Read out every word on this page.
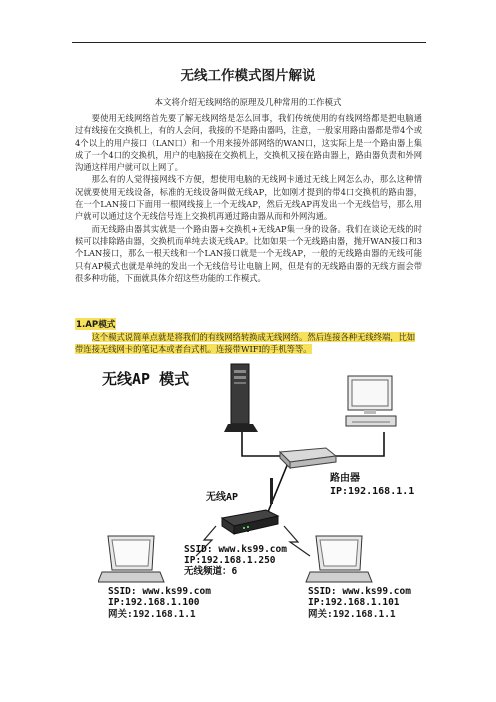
无线工作模式图片解说
本文将介绍无线网络的原理及几种常用的工作模式

要使用无线网络首先要了解无线网络是怎么回事，我们传统使用的有线网络都是把电脑通过有线接在交换机上，有的人会问，我接的不是路由器吗，注意，一般家用路由器都是带4个或4个以上的用户接口（LAN口）和一个用来接外部网络的WAN口，这实际上是一个路由器上集成了一个4口的交换机，用户的电脑接在交换机上，交换机又接在路由器上，路由器负责和外网沟通这样用户就可以上网了。

那么有的人觉得接网线不方便，想使用电脑的无线网卡通过无线上网怎么办，那么这种情况就要使用无线设备，标准的无线设备叫做无线AP，比如刚才提到的带4口交换机的路由器，在一个LAN接口下面用一根网线接上一个无线AP，然后无线AP再发出一个无线信号，那么用户就可以通过这个无线信号连上交换机再通过路由器从而和外网沟通。

而无线路由器其实就是一个路由器+交换机+无线AP集一身的设备。我们在谈论无线的时候可以排除路由器，交换机而单纯去谈无线AP。比如如果一个无线路由器，抛开WAN接口和3个LAN接口，那么一根天线和一个LAN接口就是一个无线AP，一般的无线路由器的无线可能只有AP模式也就是单纯的发出一个无线信号让电脑上网，但是有的无线路由器的无线方面会带很多种功能，下面就具体介绍这些功能的工作模式。

1.AP模式

这个模式说简单点就是将我们的有线网络转换成无线网络。然后连接各种无线终端，比如带连接无线网卡的笔记本或者台式机。连接带WIFI的手机等等。

无线AP 模式
路由器
IP:192.168.1.1
无线AP
SSID: www.ks99.com
IP:192.168.1.250
无线频道：6
SSID: www.ks99.com
IP:192.168.1.100
SSID: www.ks99.com
IP:192.168.1.101
网关:192.168.1.1	网关:192.168.1.1
